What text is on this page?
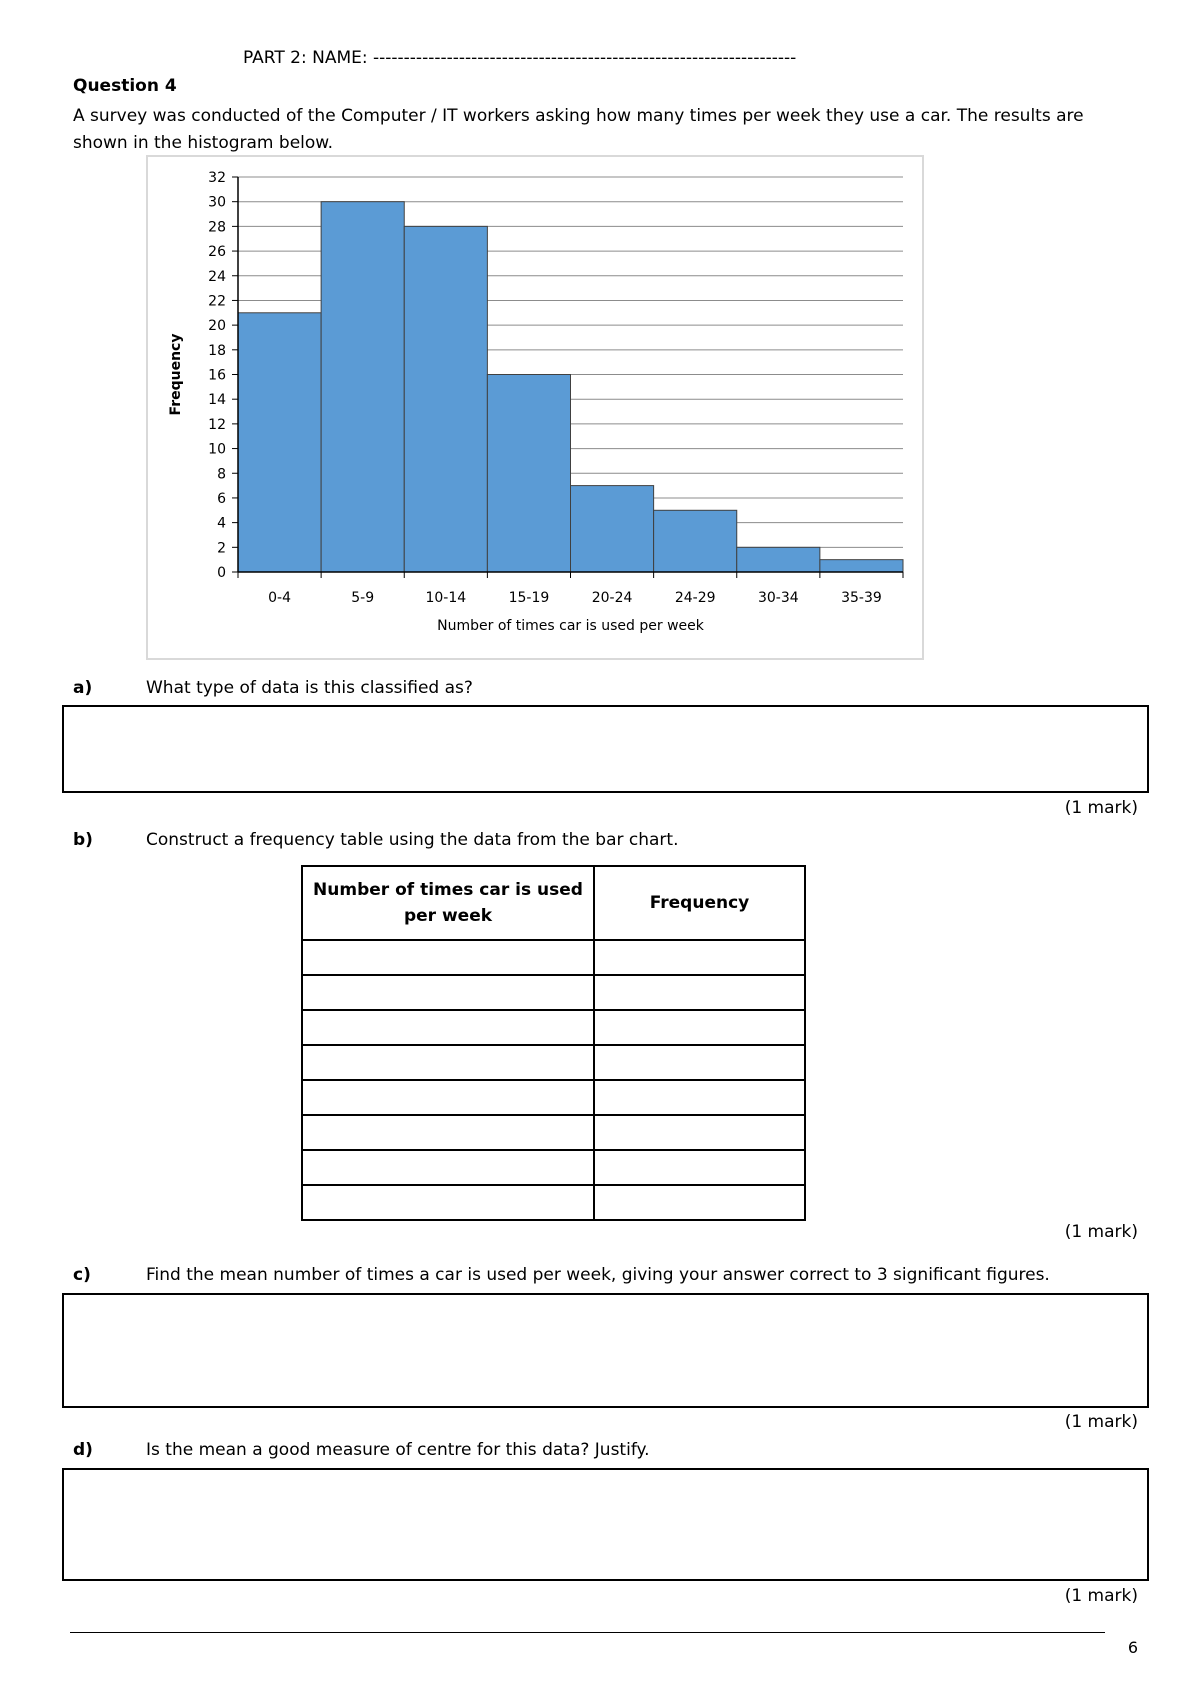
PART 2: NAME: ---------------------------------------------------------------------
Question 4
A survey was conducted of the Computer / IT workers asking how many times per week they use a car. The results are shown in the histogram below.
0
2
4
6
8
10
12
14
16
18
20
22
24
26
28
30
32
0-4	5-9	10-14	15-19	20-24	24-29	30-34	35-39
Number of times car is used per week
Frequency
a)	What type of data is this classified as?
(1 mark)
b)	Construct a frequency table using the data from the bar chart.
Number of times car is used per week	Frequency

(1 mark)
c)	Find the mean number of times a car is used per week, giving your answer correct to 3 significant figures.
(1 mark)
d)	Is the mean a good measure of centre for this data? Justify.
(1 mark)
6
